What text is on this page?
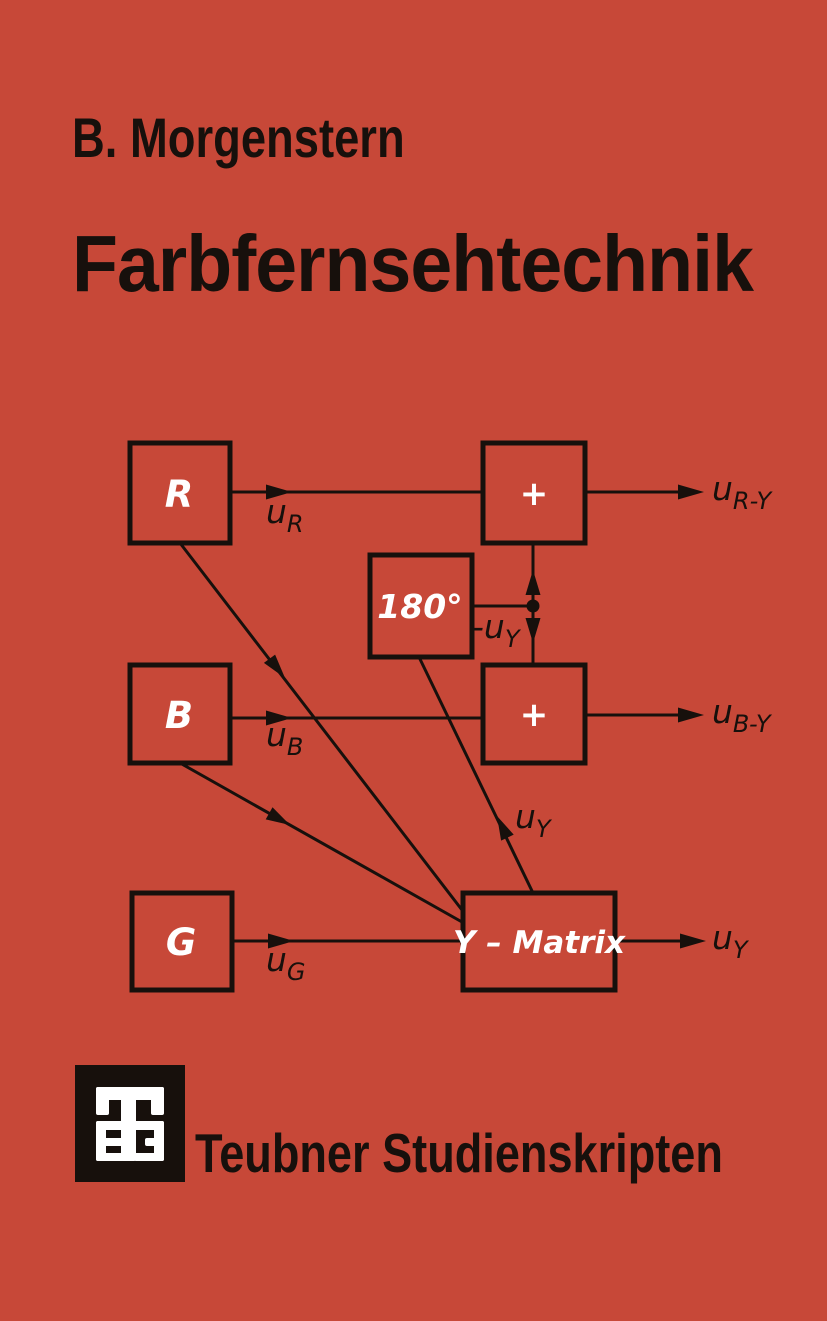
B. Morgenstern
Farbfernsehtechnik
R
B
G
+
+
180°
Y – Matrix
$u_R$
$u_B$
$u_G$
$u_{R-Y}$
$u_{B-Y}$
$u_Y$
$u_Y$
$-u_Y$
Teubner Studienskripten
